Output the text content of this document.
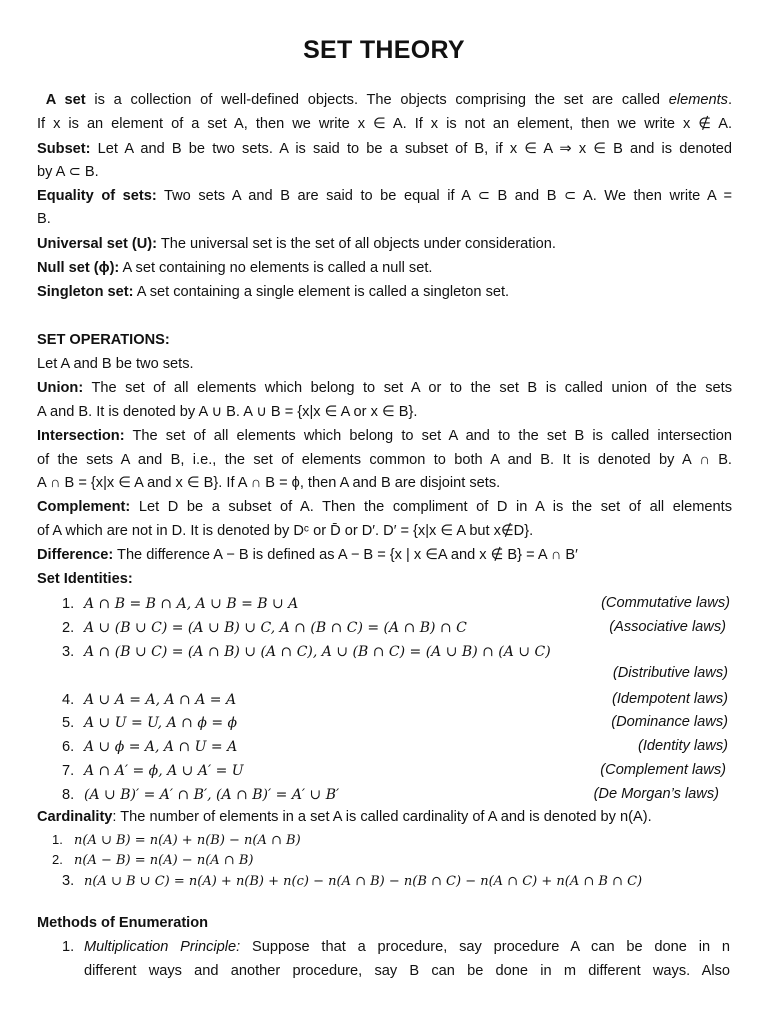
SET THEORY
A set is a collection of well-defined objects. The objects comprising the set are called elements.
If x is an element of a set A, then we write x ∈ A. If x is not an element, then we write x ∉ A.
Subset: Let A and B be two sets. A is said to be a subset of B, if x ∈ A ⇒ x ∈ B and is denoted
by A ⊂ B.
Equality of sets: Two sets A and B are said to be equal if A ⊂ B and B ⊂ A. We then write A =
B.
Universal set (U): The universal set is the set of all objects under consideration.
Null set (ϕ): A set containing no elements is called a null set.
Singleton set: A set containing a single element is called a singleton set.
SET OPERATIONS:
Let A and B be two sets.
Union: The set of all elements which belong to set A or to the set B is called union of the sets
A and B. It is denoted by A ∪ B. A ∪ B = {x|x ∈ A or x ∈ B}.
Intersection: The set of all elements which belong to set A and to the set B is called intersection
of the sets A and B, i.e., the set of elements common to both A and B. It is denoted by A ∩ B.
A ∩ B = {x|x ∈ A and x ∈ B}. If A ∩ B = ϕ, then A and B are disjoint sets.
Complement: Let D be a subset of A. Then the compliment of D in A is the set of all elements
of A which are not in D. It is denoted by Dᶜ or D̄ or D′. D′ = {x|x ∈ A but x∉D}.
Difference: The difference A − B is defined as A − B = {x | x ∈A and x ∉ B} = A ∩ B′
Set Identities:
1. A ∩ B = B ∩ A, A ∪ B = B ∪ A	(Commutative laws)
2. A ∪ (B ∪ C) = (A ∪ B) ∪ C, A ∩ (B ∩ C) = (A ∩ B) ∩ C	(Associative laws)
3. A ∩ (B ∪ C) = (A ∩ B) ∪ (A ∩ C), A ∪ (B ∩ C) = (A ∪ B) ∩ (A ∪ C)
(Distributive laws)
4. A ∪ A = A, A ∩ A = A	(Idempotent laws)
5. A ∪ U = U, A ∩ ϕ = ϕ	(Dominance laws)
6. A ∪ ϕ = A, A ∩ U = A	(Identity laws)
7. A ∩ A′ = ϕ, A ∪ A′ = U	(Complement laws)
8. (A ∪ B)′ = A′ ∩ B′, (A ∩ B)′ = A′ ∪ B′	(De Morgan’s laws)
Cardinality: The number of elements in a set A is called cardinality of A and is denoted by n(A).
1. n(A ∪ B) = n(A) + n(B) − n(A ∩ B)
2. n(A − B) = n(A) − n(A ∩ B)
3. n(A ∪ B ∪ C) = n(A) + n(B) + n(c) − n(A ∩ B) − n(B ∩ C) − n(A ∩ C) + n(A ∩ B ∩ C)
Methods of Enumeration
1. Multiplication Principle: Suppose that a procedure, say procedure A can be done in n
different ways and another procedure, say B can be done in m different ways. Also
